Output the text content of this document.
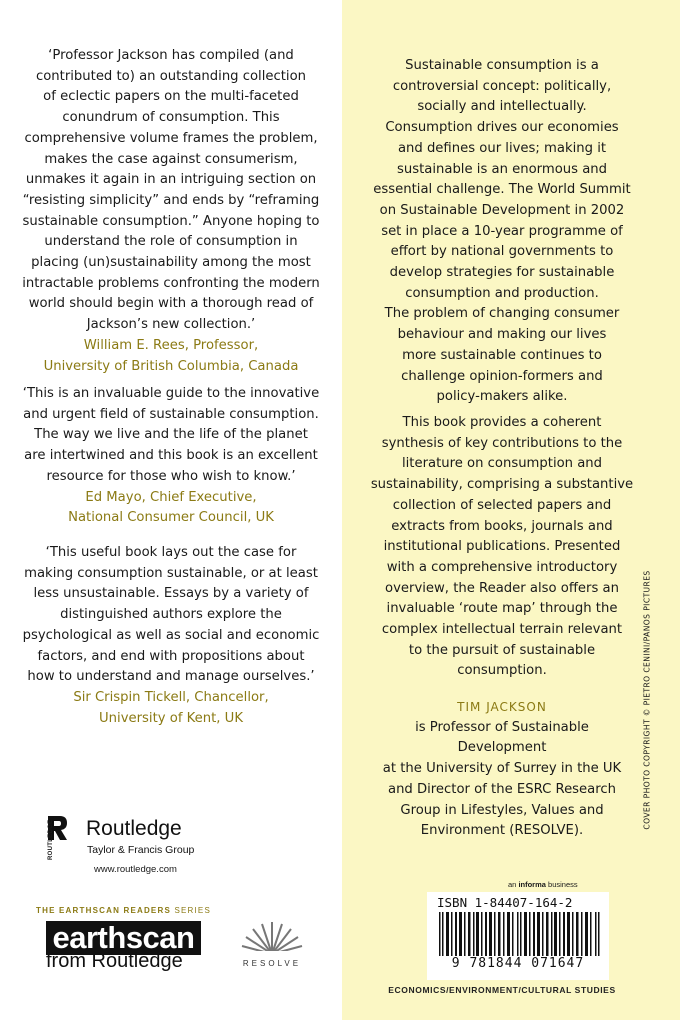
‘Professor Jackson has compiled (and

contributed to) an outstanding collection

of eclectic papers on the multi-faceted

conundrum of consumption. This

comprehensive volume frames the problem,

makes the case against consumerism,

unmakes it again in an intriguing section on

“resisting simplicity” and ends by “reframing

sustainable consumption.” Anyone hoping to

understand the role of consumption in

placing (un)sustainability among the most

intractable problems confronting the modern

world should begin with a thorough read of

Jackson’s new collection.’

William E. Rees, Professor,

University of British Columbia, Canada

‘This is an invaluable guide to the innovative

and urgent field of sustainable consumption.

The way we live and the life of the planet

are intertwined and this book is an excellent

resource for those who wish to know.’

Ed Mayo, Chief Executive,

National Consumer Council, UK

‘This useful book lays out the case for

making consumption sustainable, or at least

less unsustainable. Essays by a variety of

distinguished authors explore the

psychological as well as social and economic

factors, and end with propositions about

how to understand and manage ourselves.’

Sir Crispin Tickell, Chancellor,

University of Kent, UK

Sustainable consumption is a

controversial concept: politically,

socially and intellectually.

Consumption drives our economies

and defines our lives; making it

sustainable is an enormous and

essential challenge. The World Summit

on Sustainable Development in 2002

set in place a 10-year programme of

effort by national governments to

develop strategies for sustainable

consumption and production.

The problem of changing consumer

behaviour and making our lives

more sustainable continues to

challenge opinion-formers and

policy-makers alike.

This book provides a coherent

synthesis of key contributions to the

literature on consumption and

sustainability, comprising a substantive

collection of selected papers and

extracts from books, journals and

institutional publications. Presented

with a comprehensive introductory

overview, the Reader also offers an

invaluable ‘route map’ through the

complex intellectual terrain relevant

to the pursuit of sustainable

consumption.

TIM JACKSON

is Professor of Sustainable Development

at the University of Surrey in the UK

and Director of the ESRC Research

Group in Lifestyles, Values and

Environment (RESOLVE).

COVER PHOTO COPYRIGHT © PIETRO CENINI/PANOS PICTURES
ROUTLEDGE Routledge
Taylor & Francis Group
www.routledge.com
THE EARTHSCAN READERS SERIES
earthscan
from Routledge	RESOLVE
an informa business
ISBN 1-84407-164-2
9 781844 071647
ECONOMICS/ENVIRONMENT/CULTURAL STUDIES
